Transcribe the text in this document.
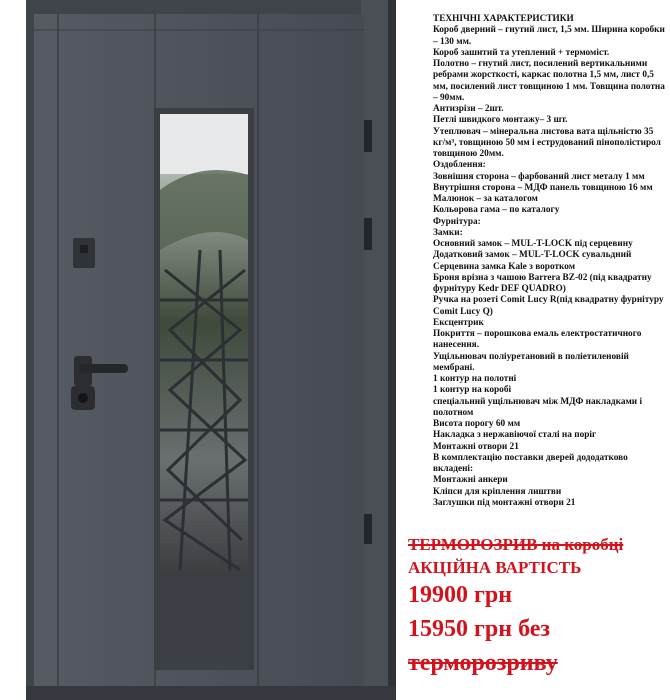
ТЕХНІЧНІ ХАРАКТЕРИСТИКИ
Короб дверний – гнутий лист, 1,5 мм. Ширина коробки – 130 мм.
Короб зашитий та утеплений + термоміст.
Полотно – гнутий лист, посилений вертикальними ребрами жорсткості, каркас полотна 1,5 мм, лист 0,5 мм, посилений лист товщиною 1 мм. Товщина полотна – 90мм.
Антизрізи – 2шт.
Петлі швидкого монтажу– 3 шт.
Утеплювач – мінеральна листова вата щільністю 35 кг/м³, товщиною 50 мм і еструдований пінополістирол товщиною 20мм.
Оздоблення:
Зовнішня сторона – фарбований лист металу 1 мм
Внутрішня сторона – МДФ панель товщиною 16 мм
Малюнок – за каталогом
Кольорова гама – по каталогу
Фурнітура:
Замки:
Основний замок – MUL-T-LOCK під серцевину
Додатковий замок – MUL-T-LOCK сувальдний
Серцевина замка Kale з воротком
Броня врізна з чашою Barrera BZ-02 (під квадратну фурнітуру Kedr DEF QUADRO)
Ручка на розеті Comit Lucy R(під квадратну фурнітуру Comit Lucy Q)
Ексцентрик
Покриття – порошкова емаль електростатичного нанесення.
Ущільнювач поліуретановий в поліетиленовій мембрані.
1 контур на полотні
1 контур на коробі
спеціальний ущільнювач між МДФ накладками і полотном
Висота порогу 60 мм
Накладка з нержавіючої сталі на поріг
Монтажні отвори 21
В комплектацію поставки дверей дододатково вкладені:
Монтажні анкери
Кліпси для кріплення лиштви
Заглушки під монтажні отвори 21
ТЕРМОРОЗРИВ на коробці
АКЦІЙНА ВАРТІСТЬ
19900 грн
15950 грн без
терморозриву
